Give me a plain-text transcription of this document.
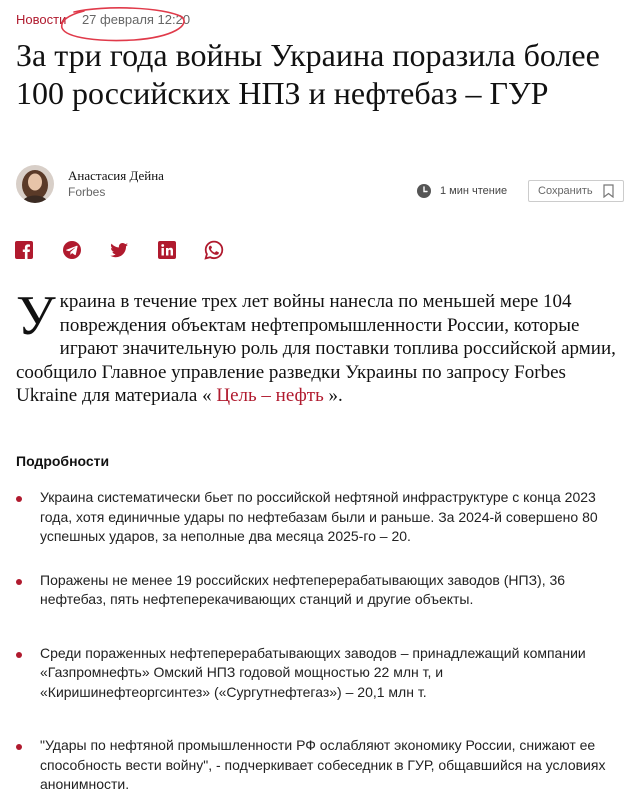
Новости 27 февраля 12:20
За три года войны Украина поразила более 100 российских НПЗ и нефтебаз – ГУР
Анастасия Дейна
Forbes	1 мин чтение	Сохранить

Украина в течение трех лет войны нанесла по меньшей мере 104 повреждения объектам нефтепромышленности России, которые играют значительную роль для поставки топлива российской армии, сообщило Главное управление разведки Украины по запросу Forbes Ukraine для материала « Цель – нефть ».

Подробности
Украина систематически бьет по российской нефтяной инфраструктуре с конца 2023 года, хотя единичные удары по нефтебазам были и раньше. За 2024-й совершено 80 успешных ударов, за неполные два месяца 2025-го – 20.
Поражены не менее 19 российских нефтеперерабатывающих заводов (НПЗ), 36 нефтебаз, пять нефтеперекачивающих станций и другие объекты.
Среди пораженных нефтеперерабатывающих заводов – принадлежащий компании «Газпромнефть» Омский НПЗ годовой мощностью 22 млн т, и «Киришинефтеоргсинтез» («Сургутнефтегаз») – 20,1 млн т.
"Удары по нефтяной промышленности РФ ослабляют экономику России, снижают ее способность вести войну", - подчеркивает собеседник в ГУР, общавшийся на условиях анонимности.
